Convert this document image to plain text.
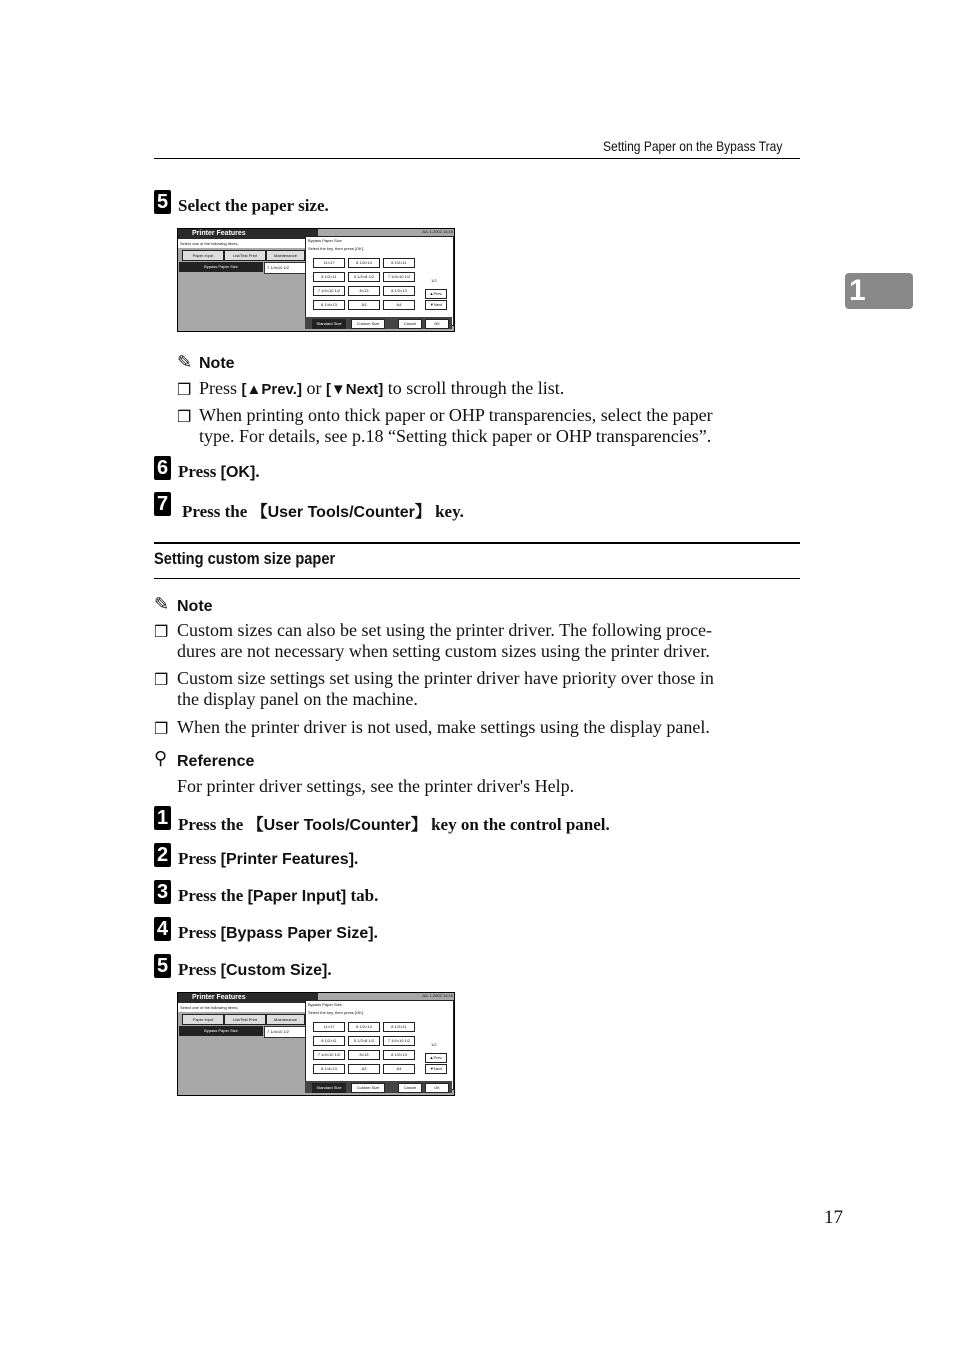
Setting Paper on the Bypass Tray
1
5 Select the paper size.
Printer Features
Select one of the following items.
Paper Input	List/Test Print	Maintenance
Bypass Paper Size	7 1/4x10 1/2
JUL 1,2002 14:15
Bypass Paper Size
Select the key, then press [OK].
11×17	8 1/2×14	8 1/2×11
8 1/2×11	5 1/2×8 1/2	7 1/4×10 1/2
7 1/4×10 1/2	8×13	8 1/2×13
8 1/4×13	A3	A4
1/2
▲Prev.
▼Next
Standard Size	Custom Size	Cancel	OK
✎ Note
❒ Press [▲Prev.] or [▼Next] to scroll through the list.
❒ When printing onto thick paper or OHP transparencies, select the paper
type. For details, see p.18 “Setting thick paper or OHP transparencies”.
6 Press [OK].
7 Press the 【User Tools/Counter】 key.
Setting custom size paper
✎ Note
❒ Custom sizes can also be set using the printer driver. The following proce-
dures are not necessary when setting custom sizes using the printer driver.
❒ Custom size settings set using the printer driver have priority over those in
the display panel on the machine.
❒ When the printer driver is not used, make settings using the display panel.
⚲ Reference
For printer driver settings, see the printer driver's Help.
1 Press the 【User Tools/Counter】 key on the control panel.
2 Press [Printer Features].
3 Press the [Paper Input] tab.
4 Press [Bypass Paper Size].
5 Press [Custom Size].
Printer Features
Select one of the following items.
Paper Input	List/Test Print	Maintenance
Bypass Paper Size	7 1/4x10 1/2
JUL 1,2002 14:15
Bypass Paper Size
Select the key, then press [OK].
11×17	8 1/2×14	8 1/2×11
8 1/2×11	5 1/2×8 1/2	7 1/4×10 1/2
7 1/4×10 1/2	8×13	8 1/2×13
8 1/4×13	A3	A4
1/2
▲Prev.
▼Next
Standard Size	Custom Size	Cancel	OK
17
